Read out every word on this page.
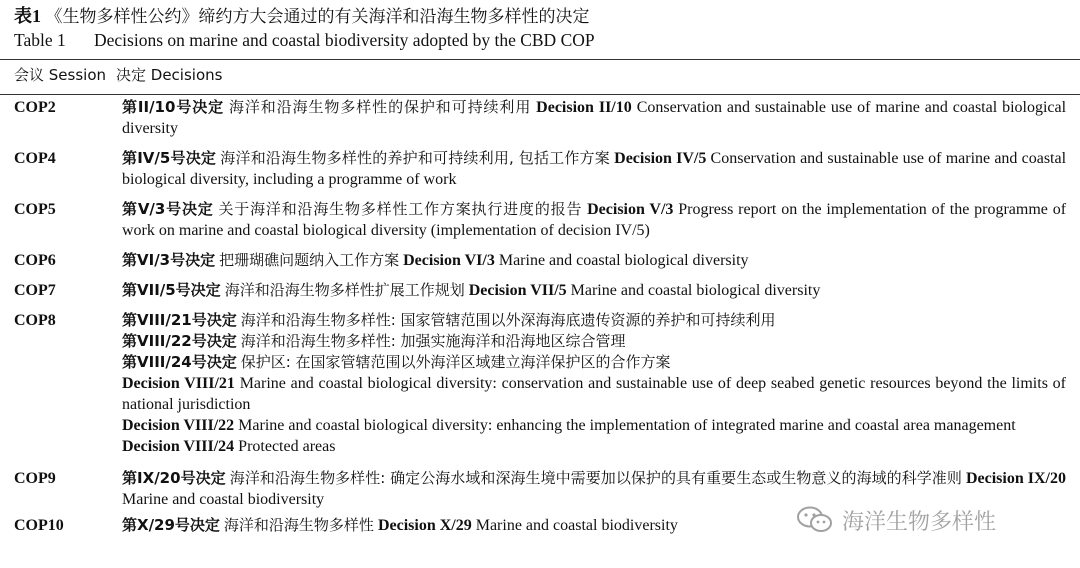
表1 《生物多样性公约》缔约方大会通过的有关海洋和沿海生物多样性的决定
Table 1 Decisions on marine and coastal biodiversity adopted by the CBD COP
会议 Session 决定 Decisions
COP2	第II/10号决定 海洋和沿海生物多样性的保护和可持续利用 Decision II/10 Conservation and sustainable use of marine and coastal biological diversity
COP4	第IV/5号决定 海洋和沿海生物多样性的养护和可持续利用, 包括工作方案 Decision IV/5 Conservation and sustainable use of marine and coastal biological diversity, including a programme of work
COP5	第V/3号决定 关于海洋和沿海生物多样性工作方案执行进度的报告 Decision V/3 Progress report on the implementation of the programme of work on marine and coastal biological diversity (implementation of decision IV/5)
COP6	第VI/3号决定 把珊瑚礁问题纳入工作方案 Decision VI/3 Marine and coastal biological diversity
COP7	第VII/5号决定 海洋和沿海生物多样性扩展工作规划 Decision VII/5 Marine and coastal biological diversity
COP8	第VIII/21号决定 海洋和沿海生物多样性: 国家管辖范围以外深海海底遗传资源的养护和可持续利用
第VIII/22号决定 海洋和沿海生物多样性: 加强实施海洋和沿海地区综合管理
第VIII/24号决定 保护区: 在国家管辖范围以外海洋区域建立海洋保护区的合作方案
Decision VIII/21 Marine and coastal biological diversity: conservation and sustainable use of deep seabed genetic resources beyond the limits of national jurisdiction
Decision VIII/22 Marine and coastal biological diversity: enhancing the implementation of integrated marine and coastal area management
Decision VIII/24 Protected areas
COP9	第IX/20号决定 海洋和沿海生物多样性: 确定公海水域和深海生境中需要加以保护的具有重要生态或生物意义的海域的科学准则 Decision IX/20 Marine and coastal biodiversity
COP10	第X/29号决定 海洋和沿海生物多样性 Decision X/29 Marine and coastal biodiversity	海洋生物多样性
